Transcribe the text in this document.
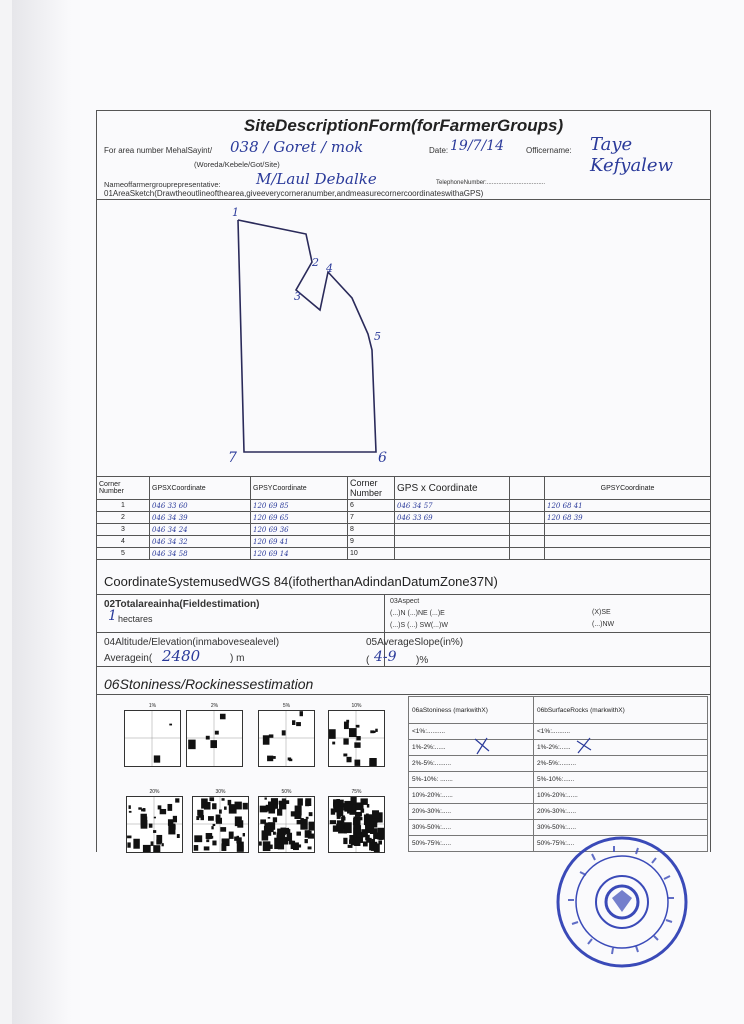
SiteDescriptionForm(forFarmerGroups)
For area number MehalSayint/ 038 / Goret / mok	Date: 19/7/14	Officername: Taye Kefyalew
(Woreda/Kebele/Got/Site)
Nameoffarmergrouprepresentative: M/Laul Debalke	TelephoneNumber:...................................
01AreaSketch(Drawtheoutlineofthearea,giveeverycorneranumber,andmeasurecornercoordinateswithaGPS)
1
2
3
4
5
6
7
Corner Number	GPSXCoordinate	GPSYCoordinate	Corner Number	GPS x Coordinate		GPSYCoordinate
1	046 33 60	120 69 85	6	046 34 57		120 68 41
2	046 34 39	120 69 65	7	046 33 69		120 68 39
3	046 34 24	120 69 36	8			
4	046 34 32	120 69 41	9			
5	046 34 58	120 69 14	10			
CoordinateSystemusedWGS 84(ifotherthanAdindanDatumZone37N)
02Totalareainha(Fieldestimation)
1 hectares
03Aspect
(...)N (...)NE (...)E
(...)S (...) SW(...)W
(X)SE
(...)NW
04Altitude/Elevation(inmabovesealevel)
Averagein( 2480	) m
05AverageSlope(in%)
( 4-9 )%
06Stoniness/Rockinessestimation
1%	2%	5%	10%
20%	30%	50%	75%
06aStoniness (markwithX)	06bSurfaceRocks (markwithX)
<1%:..........	<1%:..........
1%-2%:......	1%-2%:......
2%-5%:.........	2%-5%:.........
5%-10%: .......	5%-10%:......
10%-20%:......	10%-20%:......
20%-30%:.....	20%-30%:.....
30%-50%:.....	30%-50%:.....
50%-75%:.....	50%-75%:....
